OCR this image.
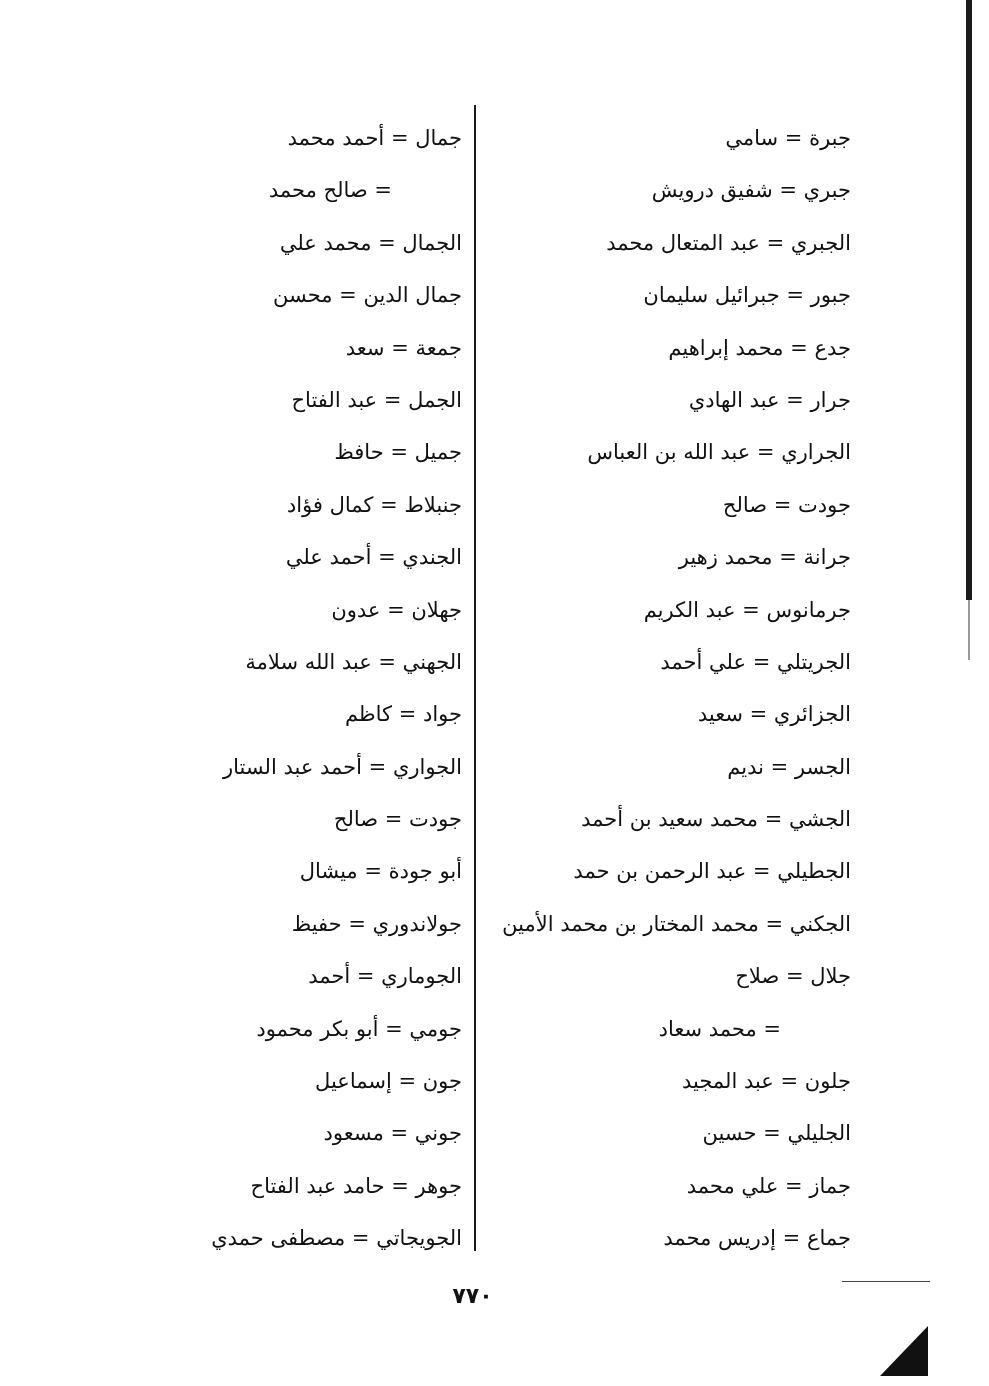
جبرة = سامي
جبري = شفيق درويش
الجبري = عبد المتعال محمد
جبور = جبرائيل سليمان
جدع = محمد إبراهيم
جرار = عبد الهادي
الجراري = عبد الله بن العباس
جودت = صالح
جرانة = محمد زهير
جرمانوس = عبد الكريم
الجريتلي = علي أحمد
الجزائري = سعيد
الجسر = نديم
الجشي = محمد سعيد بن أحمد
الجطيلي = عبد الرحمن بن حمد
الجكني = محمد المختار بن محمد الأمين
جلال = صلاح
= محمد سعاد
جلون = عبد المجيد
الجليلي = حسين
جماز = علي محمد
جماع = إدريس محمد
جمال = أحمد محمد
= صالح محمد
الجمال = محمد علي
جمال الدين = محسن
جمعة = سعد
الجمل = عبد الفتاح
جميل = حافظ
جنبلاط = كمال فؤاد
الجندي = أحمد علي
جهلان = عدون
الجهني = عبد الله سلامة
جواد = كاظم
الجواري = أحمد عبد الستار
جودت = صالح
أبو جودة = ميشال
جولاندوري = حفيظ
الجوماري = أحمد
جومي = أبو بكر محمود
جون = إسماعيل
جوني = مسعود
جوهر = حامد عبد الفتاح
الجويجاتي = مصطفى حمدي
٧٧٠
